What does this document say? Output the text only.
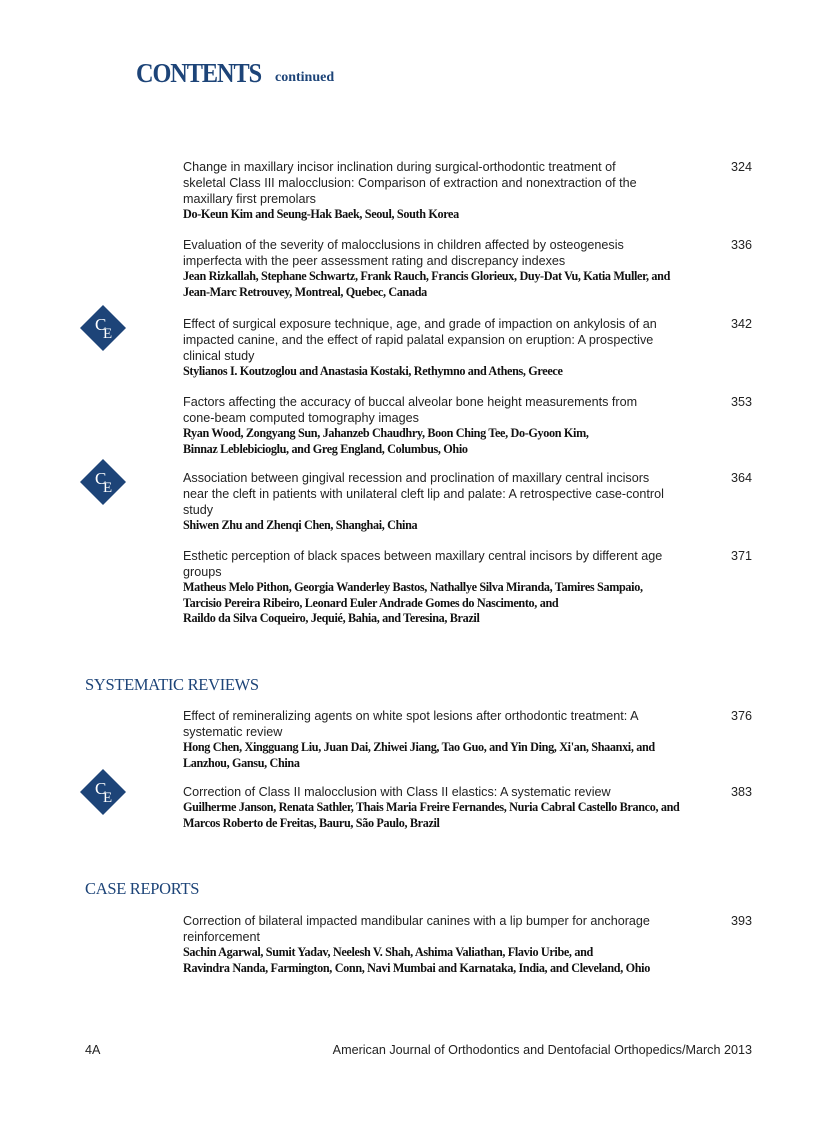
CONTENTS continued
Change in maxillary incisor inclination during surgical-orthodontic treatment of
skeletal Class III malocclusion: Comparison of extraction and nonextraction of the
maxillary first premolars
Do-Keun Kim and Seung-Hak Baek, Seoul, South Korea
324
Evaluation of the severity of malocclusions in children affected by osteogenesis
imperfecta with the peer assessment rating and discrepancy indexes
Jean Rizkallah, Stephane Schwartz, Frank Rauch, Francis Glorieux, Duy-Dat Vu, Katia Muller, and
Jean-Marc Retrouvey, Montreal, Quebec, Canada
336
Effect of surgical exposure technique, age, and grade of impaction on ankylosis of an
impacted canine, and the effect of rapid palatal expansion on eruption: A prospective
clinical study
Stylianos I. Koutzoglou and Anastasia Kostaki, Rethymno and Athens, Greece
342
C
E
Factors affecting the accuracy of buccal alveolar bone height measurements from
cone-beam computed tomography images
Ryan Wood, Zongyang Sun, Jahanzeb Chaudhry, Boon Ching Tee, Do-Gyoon Kim,
Binnaz Leblebicioglu, and Greg England, Columbus, Ohio
353
Association between gingival recession and proclination of maxillary central incisors
near the cleft in patients with unilateral cleft lip and palate: A retrospective case-control
study
Shiwen Zhu and Zhenqi Chen, Shanghai, China
364
C
E
Esthetic perception of black spaces between maxillary central incisors by different age
groups
Matheus Melo Pithon, Georgia Wanderley Bastos, Nathallye Silva Miranda, Tamires Sampaio,
Tarcisio Pereira Ribeiro, Leonard Euler Andrade Gomes do Nascimento, and
Raildo da Silva Coqueiro, Jequié, Bahia, and Teresina, Brazil
371
Effect of remineralizing agents on white spot lesions after orthodontic treatment: A
systematic review
Hong Chen, Xingguang Liu, Juan Dai, Zhiwei Jiang, Tao Guo, and Yin Ding, Xi'an, Shaanxi, and
Lanzhou, Gansu, China
376
Correction of Class II malocclusion with Class II elastics: A systematic review
Guilherme Janson, Renata Sathler, Thais Maria Freire Fernandes, Nuria Cabral Castello Branco, and
Marcos Roberto de Freitas, Bauru, São Paulo, Brazil
383
C
E
Correction of bilateral impacted mandibular canines with a lip bumper for anchorage
reinforcement
Sachin Agarwal, Sumit Yadav, Neelesh V. Shah, Ashima Valiathan, Flavio Uribe, and
Ravindra Nanda, Farmington, Conn, Navi Mumbai and Karnataka, India, and Cleveland, Ohio
393
SYSTEMATIC REVIEWS
CASE REPORTS
4A	American Journal of Orthodontics and Dentofacial Orthopedics/March 2013
